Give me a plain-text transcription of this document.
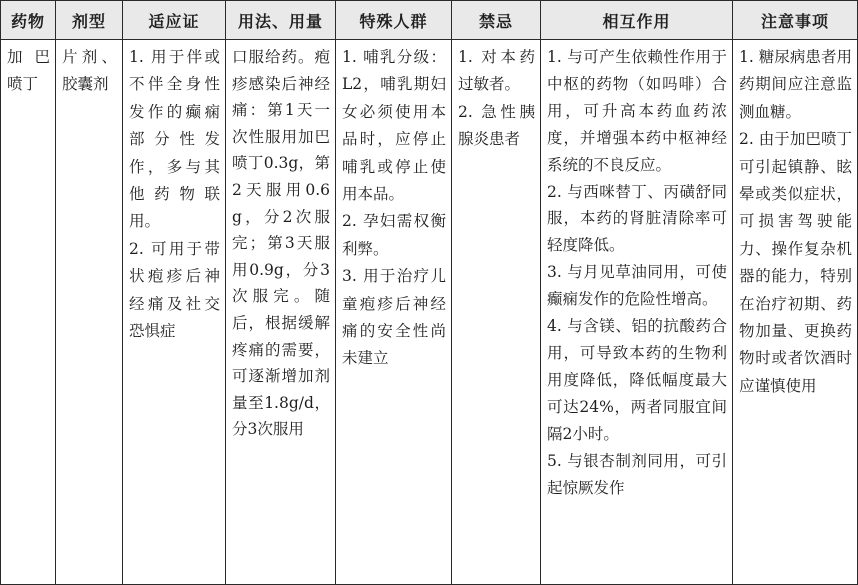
药物	剂型	适应证	用法、用量	特殊人群	禁忌	相互作用	注意事项
加巴喷丁	片剂、胶囊剂	1. 用于伴或不伴全身性发作的癫痫部分性发作，多与其他药物联用。
2. 可用于带状疱疹后神经痛及社交恐惧症	口服给药。疱疹感染后神经痛：第1天一次性服用加巴喷丁0.3g，第2天服用0.6g，分2次服完；第3天服用0.9g，分3次服完。随后，根据缓解疼痛的需要，可逐渐增加剂量至1.8g/d，分3次服用	1. 哺乳分级：L2，哺乳期妇女必须使用本品时，应停止哺乳或停止使用本品。
2. 孕妇需权衡利弊。
3. 用于治疗儿童疱疹后神经痛的安全性尚未建立	1. 对本药过敏者。
2. 急性胰腺炎患者	1. 与可产生依赖性作用于中枢的药物（如吗啡）合用，可升高本药血药浓度，并增强本药中枢神经系统的不良反应。
2. 与西咪替丁、丙磺舒同服，本药的肾脏清除率可轻度降低。
3. 与月见草油同用，可使癫痫发作的危险性增高。
4. 与含镁、铝的抗酸药合用，可导致本药的生物利用度降低，降低幅度最大可达24%，两者同服宜间隔2小时。
5. 与银杏制剂同用，可引起惊厥发作	1. 糖尿病患者用药期间应注意监测血糖。
2. 由于加巴喷丁可引起镇静、眩晕或类似症状，可损害驾驶能力、操作复杂机器的能力，特别在治疗初期、药物加量、更换药物时或者饮酒时应谨慎使用
